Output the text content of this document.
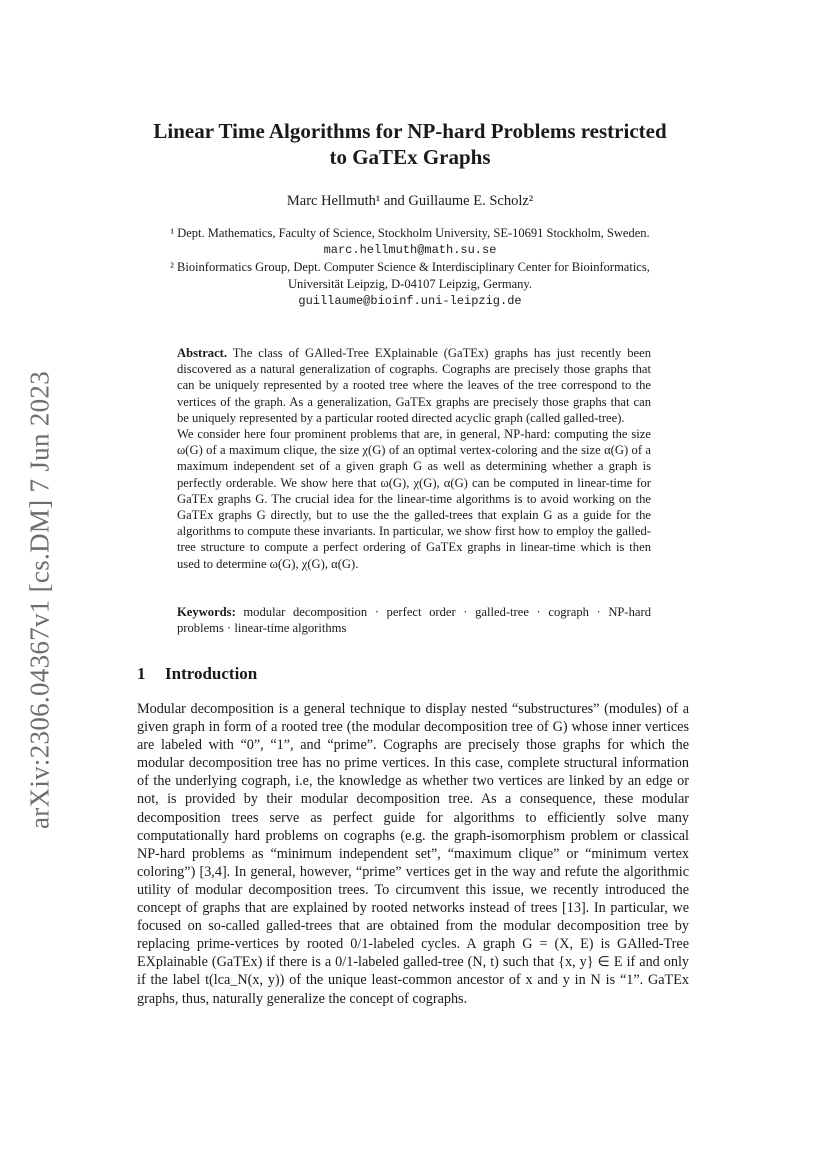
arXiv:2306.04367v1 [cs.DM] 7 Jun 2023
Linear Time Algorithms for NP-hard Problems restricted
to GaTEx Graphs
Marc Hellmuth¹ and Guillaume E. Scholz²
¹ Dept. Mathematics, Faculty of Science, Stockholm University, SE-10691 Stockholm, Sweden.
marc.hellmuth@math.su.se
² Bioinformatics Group, Dept. Computer Science & Interdisciplinary Center for Bioinformatics,
Universität Leipzig, D-04107 Leipzig, Germany.
guillaume@bioinf.uni-leipzig.de

Abstract. The class of GAlled-Tree EXplainable (GaTEx) graphs has just recently been discovered as a natural generalization of cographs. Cographs are precisely those graphs that can be uniquely represented by a rooted tree where the leaves of the tree correspond to the vertices of the graph. As a generalization, GaTEx graphs are precisely those graphs that can be uniquely represented by a particular rooted directed acyclic graph (called galled-tree).

We consider here four prominent problems that are, in general, NP-hard: computing the size ω(G) of a maximum clique, the size χ(G) of an optimal vertex-coloring and the size α(G) of a maximum independent set of a given graph G as well as determining whether a graph is perfectly orderable. We show here that ω(G), χ(G), α(G) can be computed in linear-time for GaTEx graphs G. The crucial idea for the linear-time algorithms is to avoid working on the GaTEx graphs G directly, but to use the the galled-trees that explain G as a guide for the algorithms to compute these invariants. In particular, we show first how to employ the galled-tree structure to compute a perfect ordering of GaTEx graphs in linear-time which is then used to determine ω(G), χ(G), α(G).

Keywords: modular decomposition · perfect order · galled-tree · cograph · NP-hard problems · linear-time algorithms
1 Introduction

Modular decomposition is a general technique to display nested “substructures” (modules) of a given graph in form of a rooted tree (the modular decomposition tree of G) whose inner vertices are labeled with “0”, “1”, and “prime”. Cographs are precisely those graphs for which the modular decomposition tree has no prime vertices. In this case, complete structural information of the underlying cograph, i.e, the knowledge as whether two vertices are linked by an edge or not, is provided by their modular decomposition tree. As a consequence, these modular decomposition trees serve as perfect guide for algorithms to efficiently solve many computationally hard problems on cographs (e.g. the graph-isomorphism problem or classical NP-hard problems as “minimum independent set”, “maximum clique” or “minimum vertex coloring”) [3,4]. In general, however, “prime” vertices get in the way and refute the algorithmic utility of modular decomposition trees. To circumvent this issue, we recently introduced the concept of graphs that are explained by rooted networks instead of trees [13]. In particular, we focused on so-called galled-trees that are obtained from the modular decomposition tree by replacing prime-vertices by rooted 0/1-labeled cycles. A graph G = (X, E) is GAlled-Tree EXplainable (GaTEx) if there is a 0/1-labeled galled-tree (N, t) such that {x, y} ∈ E if and only if the label t(lca_N(x, y)) of the unique least-common ancestor of x and y in N is “1”. GaTEx graphs, thus, naturally generalize the concept of cographs.
